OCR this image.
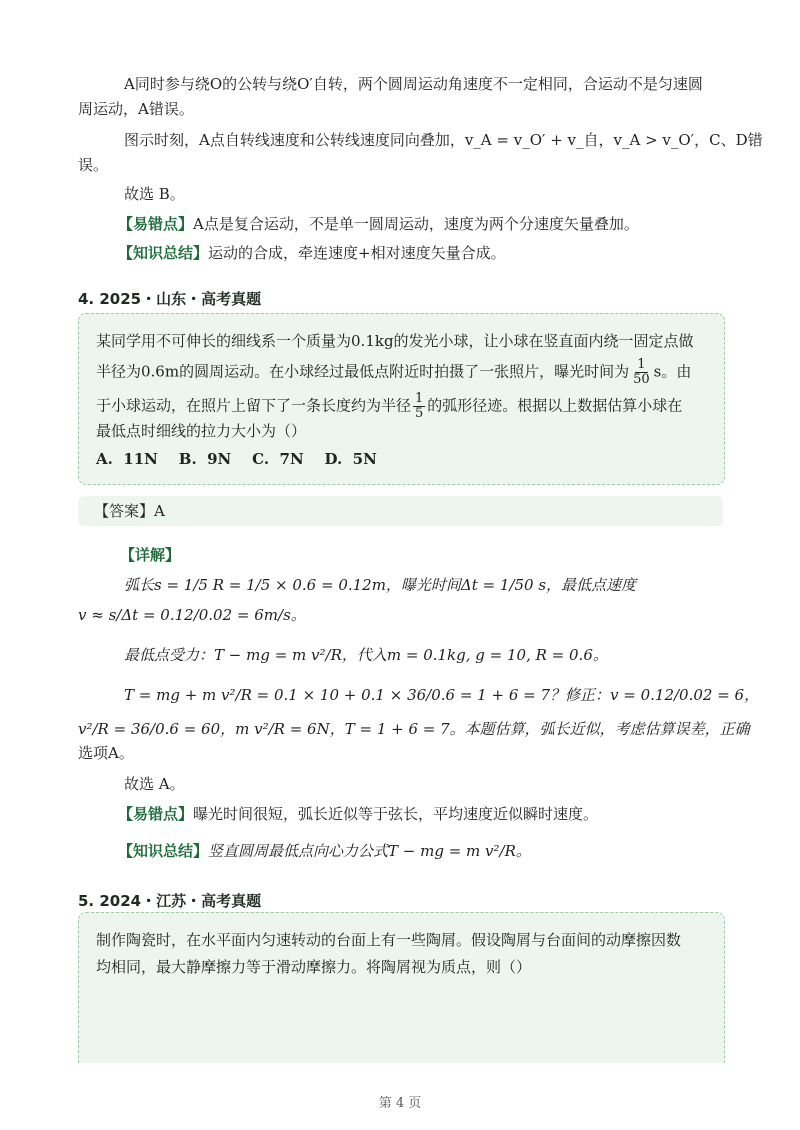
A同时参与绕O的公转与绕O′自转，两个圆周运动角速度不一定相同，合运动不是匀速圆
周运动，A错误。
图示时刻，A点自转线速度和公转线速度同向叠加，v_A = v_O′ + v_自，v_A > v_O′，C、D错
误。
故选 B。
【易错点】A点是复合运动，不是单一圆周运动，速度为两个分速度矢量叠加。
【知识总结】运动的合成，牵连速度+相对速度矢量合成。
4. 2025・山东・高考真题
某同学用不可伸长的细线系一个质量为0.1kg的发光小球，让小球在竖直面内绕一固定点做
半径为0.6m的圆周运动。在小球经过最低点附近时拍摄了一张照片，曝光时间为 $\frac{1}{50}$ s。由
于小球运动，在照片上留下了一条长度约为半径 $\frac{1}{5}$ 的弧形径迹。根据以上数据估算小球在
最低点时细线的拉力大小为（）
A.  11N    B.  9N    C.  7N    D.  5N
【答案】A
【详解】
弧长s = 1/5 R = 1/5 × 0.6 = 0.12m，曝光时间Δt = 1/50 s，最低点速度
v ≈ s/Δt = 0.12/0.02 = 6m/s。
最低点受力：T − mg = m v²/R，代入m = 0.1kg, g = 10, R = 0.6。
T = mg + m v²/R = 0.1 × 10 + 0.1 × 36/0.6 = 1 + 6 = 7？修正：v = 0.12/0.02 = 6，
v²/R = 36/0.6 = 60，m v²/R = 6N，T = 1 + 6 = 7。本题估算，弧长近似，考虑估算误差，正确
选项A。
故选 A。
【易错点】曝光时间很短，弧长近似等于弦长，平均速度近似瞬时速度。
【知识总结】竖直圆周最低点向心力公式T − mg = m v²/R。
5. 2024・江苏・高考真题
制作陶瓷时，在水平面内匀速转动的台面上有一些陶屑。假设陶屑与台面间的动摩擦因数
均相同，最大静摩擦力等于滑动摩擦力。将陶屑视为质点，则（）
第 4 页
